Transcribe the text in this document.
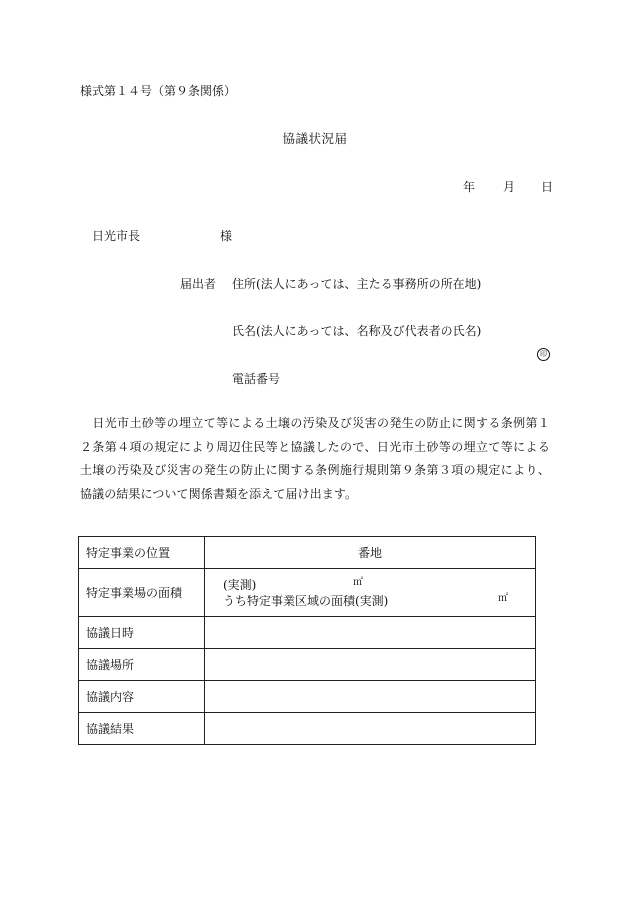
様式第１４号（第９条関係）
協議状況届
年 月 日
日光市長	様
届出者 住所(法人にあっては、主たる事務所の所在地)
氏名(法人にあっては、名称及び代表者の氏名)
印
電話番号

　日光市土砂等の埋立て等による土壌の汚染及び災害の発生の防止に関する条例第１２条第４項の規定により周辺住民等と協議したので、日光市土砂等の埋立て等による土壌の汚染及び災害の発生の防止に関する条例施行規則第９条第３項の規定により、協議の結果について関係書類を添えて届け出ます。

特定事業の位置	番地
特定事業場の面積	(実測) ㎡
うち特定事業区域の面積(実測) ㎡

協議日時	
協議場所	
協議内容	
協議結果	
